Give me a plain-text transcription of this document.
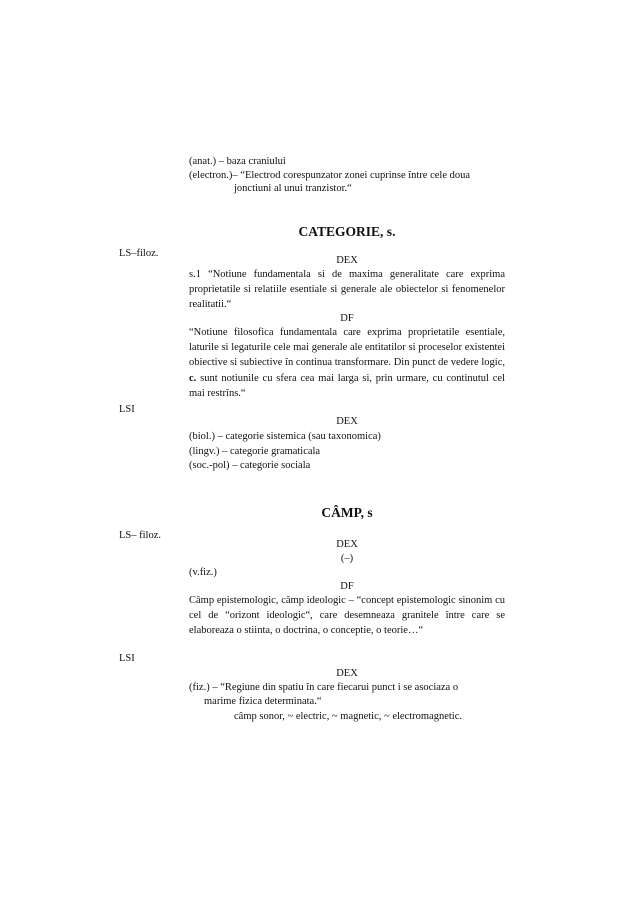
(anat.) – baza craniului
(electron.)– “Electrod corespunzator zonei cuprinse între cele doua
jonctiuni al unui tranzistor.“
CATEGORIE, s.
LS–filoz.
DEX
s.1 “Notiune fundamentala si de maxima generalitate care exprima proprietatile si relatiile esentiale si generale ale obiectelor si fenomenelor realitatii.“
DF
“Notiune filosofica fundamentala care exprima proprietatile esentiale, laturile si legaturile cele mai generale ale entitatilor si proceselor existentei obiective si subiective în continua transformare. Din punct de vedere logic, c. sunt notiunile cu sfera cea mai larga si, prin urmare, cu continutul cel mai restrîns.“
LSI
DEX
(biol.) – categorie sistemica (sau taxonomica)
(lingv.) – categorie gramaticala
(soc.-pol) – categorie sociala
CÂMP, s
LS– filoz.
DEX
(–)
(v.fiz.)
DF
Câmp epistemologic, câmp ideologic – “concept epistemologic sinonim cu cel de “orizont ideologic“, care desemneaza granitele între care se elaboreaza o stiinta, o doctrina, o conceptie, o teorie…“
LSI
DEX
(fiz.) – “Regiune din spatiu în care fiecarui punct i se asociaza o
marime fizica determinata.“
câmp sonor, ~ electric, ~ magnetic, ~ electromagnetic.
